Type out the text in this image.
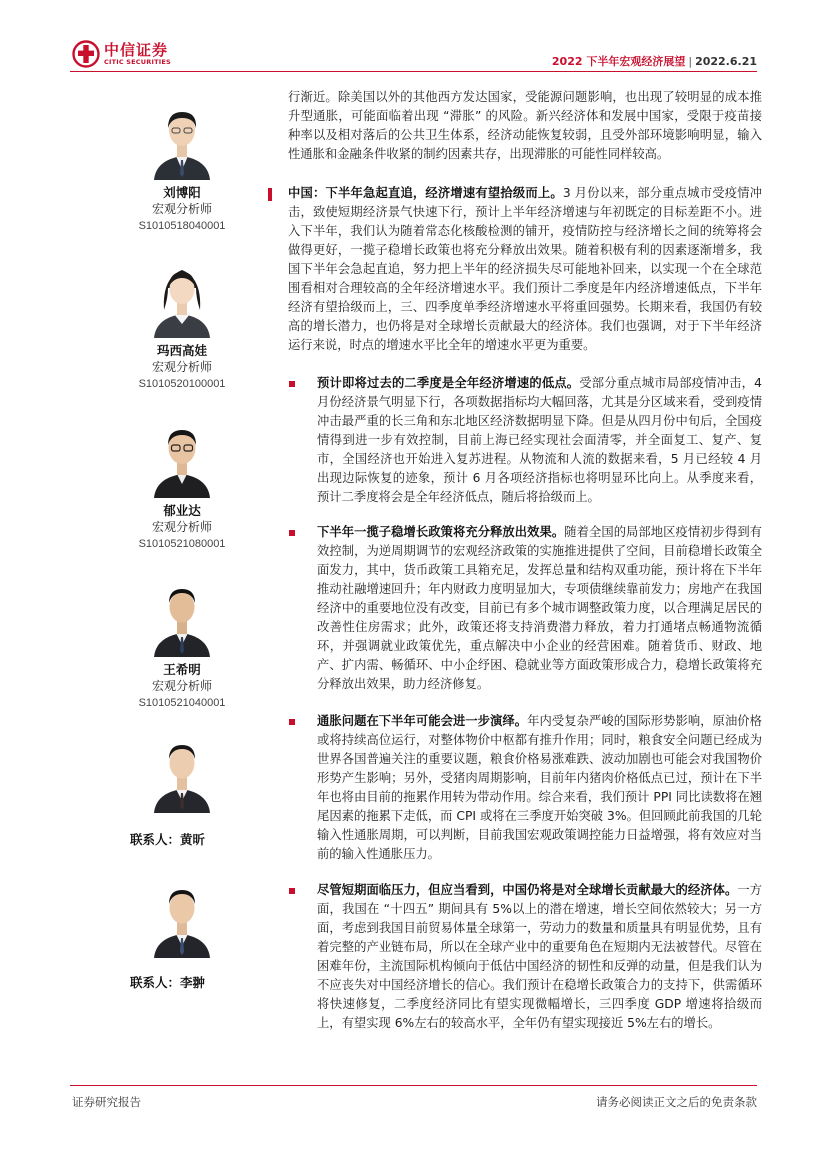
中信证券
CITIC SECURITIES	2022 下半年宏观经济展望 | 2022.6.21
刘博阳
宏观分析师
S1010518040001
玛西高娃
宏观分析师
S1010520100001
郁业达
宏观分析师
S1010521080001
王希明
宏观分析师
S1010521040001
联系人：黄昕
联系人：李翀

行渐近。除美国以外的其他西方发达国家，受能源问题影响，也出现了较明显的成本推升型通胀，可能面临着出现 “滞胀” 的风险。新兴经济体和发展中国家，受限于疫苗接种率以及相对落后的公共卫生体系，经济动能恢复较弱，且受外部环境影响明显，输入性通胀和金融条件收紧的制约因素共存，出现滞胀的可能性同样较高。

中国：下半年急起直追，经济增速有望拾级而上。3 月份以来，部分重点城市受疫情冲击，致使短期经济景气快速下行，预计上半年经济增速与年初既定的目标差距不小。进入下半年，我们认为随着常态化核酸检测的铺开，疫情防控与经济增长之间的统筹将会做得更好，一揽子稳增长政策也将充分释放出效果。随着积极有利的因素逐渐增多，我国下半年会急起直追，努力把上半年的经济损失尽可能地补回来，以实现一个在全球范围看相对合理较高的全年经济增速水平。我们预计二季度是年内经济增速低点，下半年经济有望拾级而上，三、四季度单季经济增速水平将重回强势。长期来看，我国仍有较高的增长潜力，也仍将是对全球增长贡献最大的经济体。我们也强调，对于下半年经济运行来说，时点的增速水平比全年的增速水平更为重要。

预计即将过去的二季度是全年经济增速的低点。受部分重点城市局部疫情冲击，4 月份经济景气明显下行，各项数据指标均大幅回落，尤其是分区域来看，受到疫情冲击最严重的长三角和东北地区经济数据明显下降。但是从四月份中旬后，全国疫情得到进一步有效控制，目前上海已经实现社会面清零，并全面复工、复产、复市，全国经济也开始进入复苏进程。从物流和人流的数据来看，5 月已经较 4 月出现边际恢复的迹象，预计 6 月各项经济指标也将明显环比向上。从季度来看，预计二季度将会是全年经济低点，随后将拾级而上。
下半年一揽子稳增长政策将充分释放出效果。随着全国的局部地区疫情初步得到有效控制，为逆周期调节的宏观经济政策的实施推进提供了空间，目前稳增长政策全面发力，其中，货币政策工具箱充足，发挥总量和结构双重功能，预计将在下半年推动社融增速回升；年内财政力度明显加大，专项债继续靠前发力；房地产在我国经济中的重要地位没有改变，目前已有多个城市调整政策力度，以合理满足居民的改善性住房需求；此外，政策还将支持消费潜力释放，着力打通堵点畅通物流循环，并强调就业政策优先，重点解决中小企业的经营困难。随着货币、财政、地产、扩内需、畅循环、中小企纾困、稳就业等方面政策形成合力，稳增长政策将充分释放出效果，助力经济修复。
通胀问题在下半年可能会进一步演绎。年内受复杂严峻的国际形势影响，原油价格或将持续高位运行，对整体物价中枢都有推升作用；同时，粮食安全问题已经成为世界各国普遍关注的重要议题，粮食价格易涨难跌、波动加剧也可能会对我国物价形势产生影响；另外，受猪肉周期影响，目前年内猪肉价格低点已过，预计在下半年也将由目前的拖累作用转为带动作用。综合来看，我们预计 PPI 同比读数将在翘尾因素的拖累下走低，而 CPI 或将在三季度开始突破 3%。但回顾此前我国的几轮输入性通胀周期，可以判断，目前我国宏观政策调控能力日益增强，将有效应对当前的输入性通胀压力。
尽管短期面临压力，但应当看到，中国仍将是对全球增长贡献最大的经济体。一方面，我国在 “十四五” 期间具有 5%以上的潜在增速，增长空间依然较大；另一方面，考虑到我国目前贸易体量全球第一，劳动力的数量和质量具有明显优势，且有着完整的产业链布局，所以在全球产业中的重要角色在短期内无法被替代。尽管在困难年份，主流国际机构倾向于低估中国经济的韧性和反弹的动量，但是我们认为不应丧失对中国经济增长的信心。我们预计在稳增长政策合力的支持下，供需循环将快速修复，二季度经济同比有望实现微幅增长，三四季度 GDP 增速将拾级而上，有望实现 6%左右的较高水平，全年仍有望实现接近 5%左右的增长。
证券研究报告	请务必阅读正文之后的免责条款
